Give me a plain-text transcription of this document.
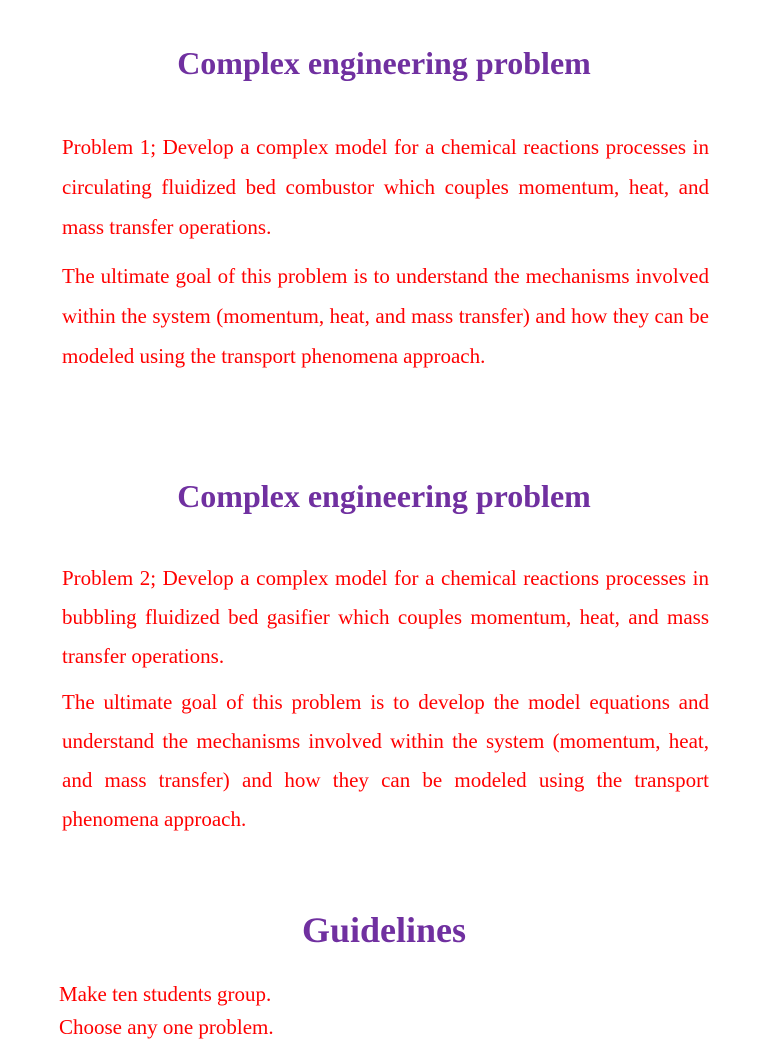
Complex engineering problem

Problem 1; Develop a complex model for a chemical reactions processes in circulating fluidized bed combustor which couples momentum, heat, and mass transfer operations.

The ultimate goal of this problem is to understand the mechanisms involved within the system (momentum, heat, and mass transfer) and how they can be modeled using the transport phenomena approach.

Complex engineering problem

Problem 2; Develop a complex model for a chemical reactions processes in bubbling fluidized bed gasifier which couples momentum, heat, and mass transfer operations.

The ultimate goal of this problem is to develop the model equations and understand the mechanisms involved within the system (momentum, heat, and mass transfer) and how they can be modeled using the transport phenomena approach.

Guidelines

Make ten students group.

Choose any one problem.
